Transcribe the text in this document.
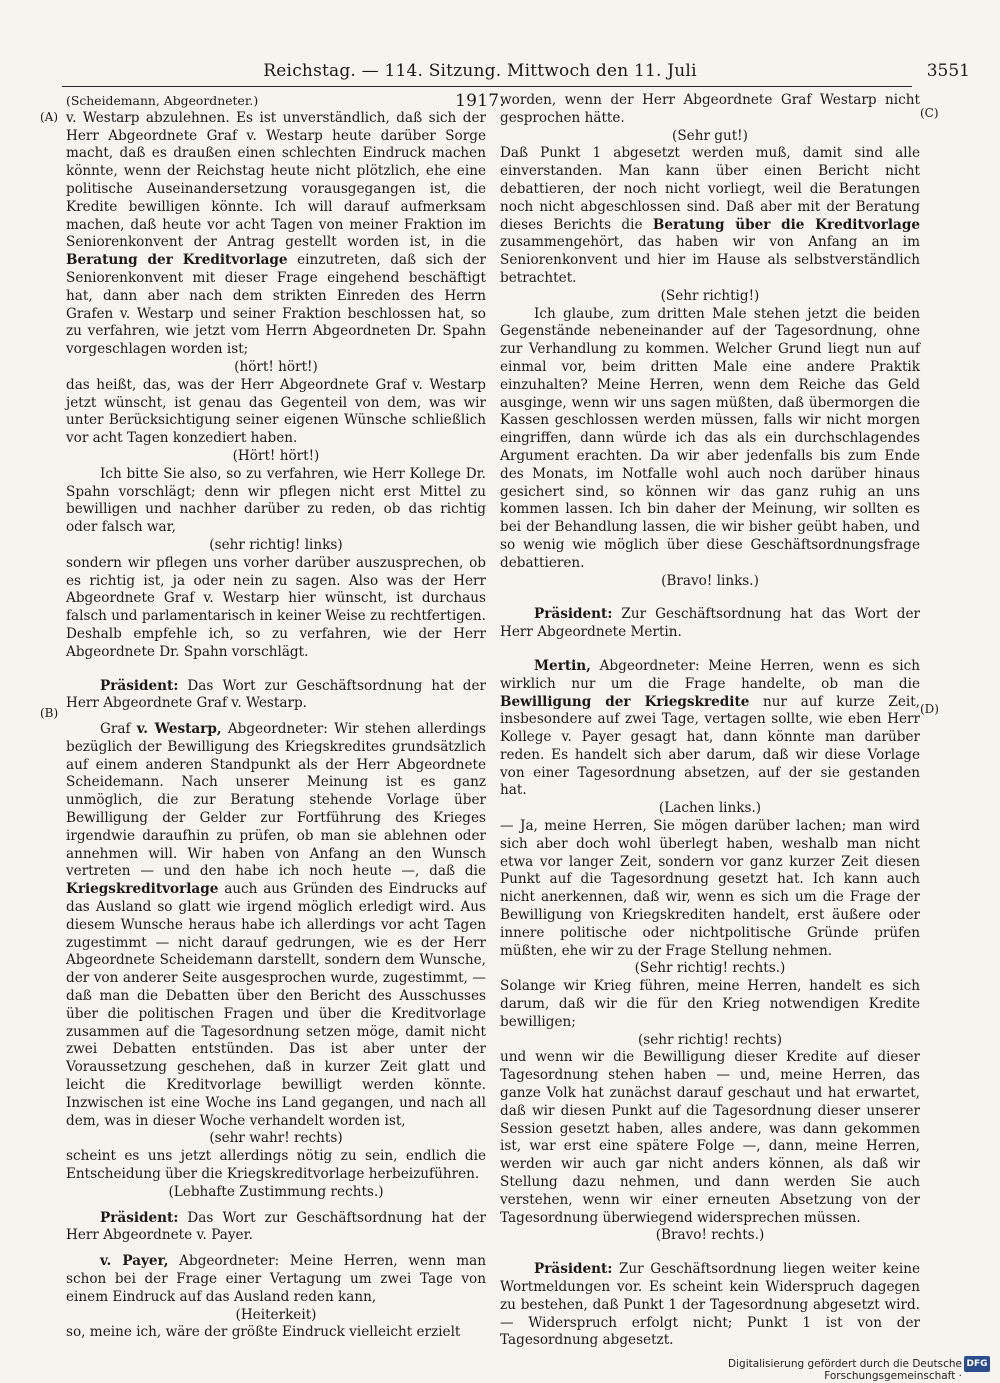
Reichstag. — 114. Sitzung. Mittwoch den 11. Juli 1917.
3551
(A)
(B)
(C)
(D)

(Scheidemann, Abgeordneter.)

v. Westarp abzulehnen. Es ist unverständlich, daß sich der Herr Abgeordnete Graf v. Westarp heute darüber Sorge macht, daß es draußen einen schlechten Eindruck machen könnte, wenn der Reichstag heute nicht plötzlich, ehe eine politische Auseinandersetzung vorausgegangen ist, die Kredite bewilligen könnte. Ich will darauf aufmerksam machen, daß heute vor acht Tagen von meiner Fraktion im Seniorenkonvent der Antrag gestellt worden ist, in die Beratung der Kreditvorlage einzutreten, daß sich der Seniorenkonvent mit dieser Frage eingehend beschäftigt hat, dann aber nach dem strikten Einreden des Herrn Grafen v. Westarp und seiner Fraktion beschlossen hat, so zu verfahren, wie jetzt vom Herrn Abgeordneten Dr. Spahn vorgeschlagen worden ist;

(hört! hört!)

das heißt, das, was der Herr Abgeordnete Graf v. Westarp jetzt wünscht, ist genau das Gegenteil von dem, was wir unter Berücksichtigung seiner eigenen Wünsche schließlich vor acht Tagen konzediert haben.

(Hört! hört!)

Ich bitte Sie also, so zu verfahren, wie Herr Kollege Dr. Spahn vorschlägt; denn wir pflegen nicht erst Mittel zu bewilligen und nachher darüber zu reden, ob das richtig oder falsch war,

(sehr richtig! links)

sondern wir pflegen uns vorher darüber auszusprechen, ob es richtig ist, ja oder nein zu sagen. Also was der Herr Abgeordnete Graf v. Westarp hier wünscht, ist durchaus falsch und parlamentarisch in keiner Weise zu rechtfertigen. Deshalb empfehle ich, so zu verfahren, wie der Herr Abgeordnete Dr. Spahn vorschlägt.

Präsident: Das Wort zur Geschäftsordnung hat der Herr Abgeordnete Graf v. Westarp.

Graf v. Westarp, Abgeordneter: Wir stehen allerdings bezüglich der Bewilligung des Kriegskredites grundsätzlich auf einem anderen Standpunkt als der Herr Abgeordnete Scheidemann. Nach unserer Meinung ist es ganz unmöglich, die zur Beratung stehende Vorlage über Bewilligung der Gelder zur Fortführung des Krieges irgendwie daraufhin zu prüfen, ob man sie ablehnen oder annehmen will. Wir haben von Anfang an den Wunsch vertreten — und den habe ich noch heute —, daß die Kriegskreditvorlage auch aus Gründen des Eindrucks auf das Ausland so glatt wie irgend möglich erledigt wird. Aus diesem Wunsche heraus habe ich allerdings vor acht Tagen zugestimmt — nicht darauf gedrungen, wie es der Herr Abgeordnete Scheidemann darstellt, sondern dem Wunsche, der von anderer Seite ausgesprochen wurde, zugestimmt, — daß man die Debatten über den Bericht des Ausschusses über die politischen Fragen und über die Kreditvorlage zusammen auf die Tagesordnung setzen möge, damit nicht zwei Debatten entstünden. Das ist aber unter der Voraussetzung geschehen, daß in kurzer Zeit glatt und leicht die Kreditvorlage bewilligt werden könnte. Inzwischen ist eine Woche ins Land gegangen, und nach all dem, was in dieser Woche verhandelt worden ist,

(sehr wahr! rechts)

scheint es uns jetzt allerdings nötig zu sein, endlich die Entscheidung über die Kriegskreditvorlage herbeizuführen.

(Lebhafte Zustimmung rechts.)

Präsident: Das Wort zur Geschäftsordnung hat der Herr Abgeordnete v. Payer.

v. Payer, Abgeordneter: Meine Herren, wenn man schon bei der Frage einer Vertagung um zwei Tage von einem Eindruck auf das Ausland reden kann,

(Heiterkeit)

so, meine ich, wäre der größte Eindruck vielleicht erzielt

worden, wenn der Herr Abgeordnete Graf Westarp nicht gesprochen hätte.

(Sehr gut!)

Daß Punkt 1 abgesetzt werden muß, damit sind alle einverstanden. Man kann über einen Bericht nicht debattieren, der noch nicht vorliegt, weil die Beratungen noch nicht abgeschlossen sind. Daß aber mit der Beratung dieses Berichts die Beratung über die Kreditvorlage zusammengehört, das haben wir von Anfang an im Seniorenkonvent und hier im Hause als selbstverständlich betrachtet.

(Sehr richtig!)

Ich glaube, zum dritten Male stehen jetzt die beiden Gegenstände nebeneinander auf der Tagesordnung, ohne zur Verhandlung zu kommen. Welcher Grund liegt nun auf einmal vor, beim dritten Male eine andere Praktik einzuhalten? Meine Herren, wenn dem Reiche das Geld ausginge, wenn wir uns sagen müßten, daß übermorgen die Kassen geschlossen werden müssen, falls wir nicht morgen eingriffen, dann würde ich das als ein durchschlagendes Argument erachten. Da wir aber jedenfalls bis zum Ende des Monats, im Notfalle wohl auch noch darüber hinaus gesichert sind, so können wir das ganz ruhig an uns kommen lassen. Ich bin daher der Meinung, wir sollten es bei der Behandlung lassen, die wir bisher geübt haben, und so wenig wie möglich über diese Geschäftsordnungsfrage debattieren.

(Bravo! links.)

Präsident: Zur Geschäftsordnung hat das Wort der Herr Abgeordnete Mertin.

Mertin, Abgeordneter: Meine Herren, wenn es sich wirklich nur um die Frage handelte, ob man die Bewilligung der Kriegskredite nur auf kurze Zeit, insbesondere auf zwei Tage, vertagen sollte, wie eben Herr Kollege v. Payer gesagt hat, dann könnte man darüber reden. Es handelt sich aber darum, daß wir diese Vorlage von einer Tagesordnung absetzen, auf der sie gestanden hat.

(Lachen links.)

— Ja, meine Herren, Sie mögen darüber lachen; man wird sich aber doch wohl überlegt haben, weshalb man nicht etwa vor langer Zeit, sondern vor ganz kurzer Zeit diesen Punkt auf die Tagesordnung gesetzt hat. Ich kann auch nicht anerkennen, daß wir, wenn es sich um die Frage der Bewilligung von Kriegskrediten handelt, erst äußere oder innere politische oder nichtpolitische Gründe prüfen müßten, ehe wir zu der Frage Stellung nehmen.

(Sehr richtig! rechts.)

Solange wir Krieg führen, meine Herren, handelt es sich darum, daß wir die für den Krieg notwendigen Kredite bewilligen;

(sehr richtig! rechts)

und wenn wir die Bewilligung dieser Kredite auf dieser Tagesordnung stehen haben — und, meine Herren, das ganze Volk hat zunächst darauf geschaut und hat erwartet, daß wir diesen Punkt auf die Tagesordnung dieser unserer Session gesetzt haben, alles andere, was dann gekommen ist, war erst eine spätere Folge —, dann, meine Herren, werden wir auch gar nicht anders können, als daß wir Stellung dazu nehmen, und dann werden Sie auch verstehen, wenn wir einer erneuten Absetzung von der Tagesordnung überwiegend widersprechen müssen.

(Bravo! rechts.)

Präsident: Zur Geschäftsordnung liegen weiter keine Wortmeldungen vor. Es scheint kein Widerspruch dagegen zu bestehen, daß Punkt 1 der Tagesordnung abgesetzt wird. — Widerspruch erfolgt nicht; Punkt 1 ist von der Tagesordnung abgesetzt.

Digitalisierung gefördert durch die Deutsche Forschungsgemeinschaft ·
DFG
